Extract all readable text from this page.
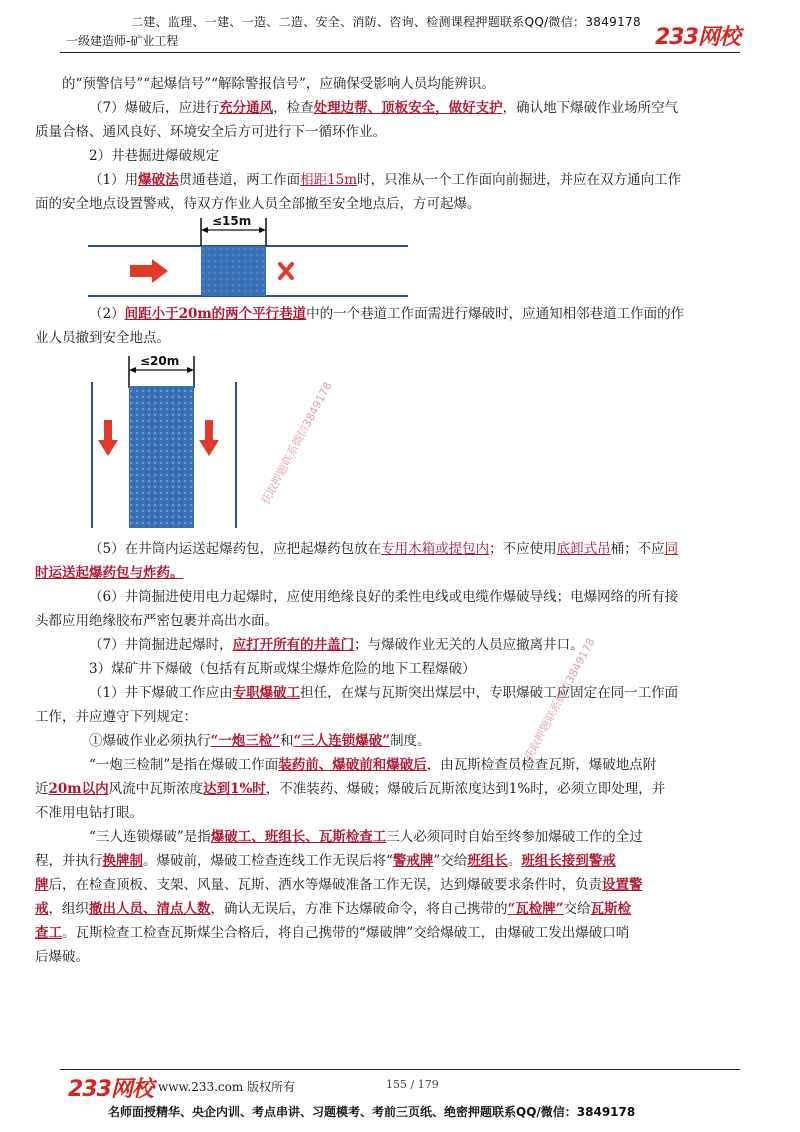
二建、监理、一建、一造、二造、安全、消防、咨询、检测课程押题联系QQ/微信：3849178
一级建造师-矿业工程	233网校
的“预警信号”“起爆信号”“解除警报信号”，应确保受影响人员均能辨识。
（7）爆破后，应进行充分通风，检查处理边帮、顶板安全，做好支护，确认地下爆破作业场所空气
质量合格、通风良好、环境安全后方可进行下一循环作业。
2）井巷掘进爆破规定
（1）用爆破法贯通巷道，两工作面相距15m时，只准从一个工作面向前掘进，并应在双方通向工作
面的安全地点设置警戒，待双方作业人员全部撤至安全地点后，方可起爆。
≤15m
（2）间距小于20m的两个平行巷道中的一个巷道工作面需进行爆破时，应通知相邻巷道工作面的作
业人员撤到安全地点。
≤20m
获取押题联系微信3849178
获取押题联系微信3849178
（5）在井筒内运送起爆药包，应把起爆药包放在专用木箱或提包内；不应使用底卸式吊桶；不应同
时运送起爆药包与炸药。
（6）井筒掘进使用电力起爆时，应使用绝缘良好的柔性电线或电缆作爆破导线；电爆网络的所有接
头都应用绝缘胶布严密包裹并高出水面。
（7）井筒掘进起爆时，应打开所有的井盖门；与爆破作业无关的人员应撤离井口。
3）煤矿井下爆破（包括有瓦斯或煤尘爆炸危险的地下工程爆破）
（1）井下爆破工作应由专职爆破工担任，在煤与瓦斯突出煤层中，专职爆破工应固定在同一工作面
工作，并应遵守下列规定：
①爆破作业必须执行“一炮三检”和“三人连锁爆破”制度。
“一炮三检制”是指在爆破工作面装药前、爆破前和爆破后，由瓦斯检查员检查瓦斯，爆破地点附
近20m以内风流中瓦斯浓度达到1%时，不准装药、爆破；爆破后瓦斯浓度达到1%时，必须立即处理，并
不准用电钻打眼。
“三人连锁爆破”是指爆破工、班组长、瓦斯检查工三人必须同时自始至终参加爆破工作的全过
程，并执行换牌制。爆破前，爆破工检查连线工作无误后将“警戒牌”交给班组长。班组长接到警戒
牌后，在检查顶板、支架、风量、瓦斯、洒水等爆破准备工作无误，达到爆破要求条件时，负责设置警
戒，组织撤出人员、清点人数，确认无误后，方准下达爆破命令，将自己携带的“瓦检牌”交给瓦斯检
查工。瓦斯检查工检查瓦斯煤尘合格后，将自己携带的“爆破牌”交给爆破工，由爆破工发出爆破口哨
后爆破。
233网校 www.233.com 版权所有	155 / 179
名师面授精华、央企内训、考点串讲、习题模考、考前三页纸、绝密押题联系QQ/微信：3849178
